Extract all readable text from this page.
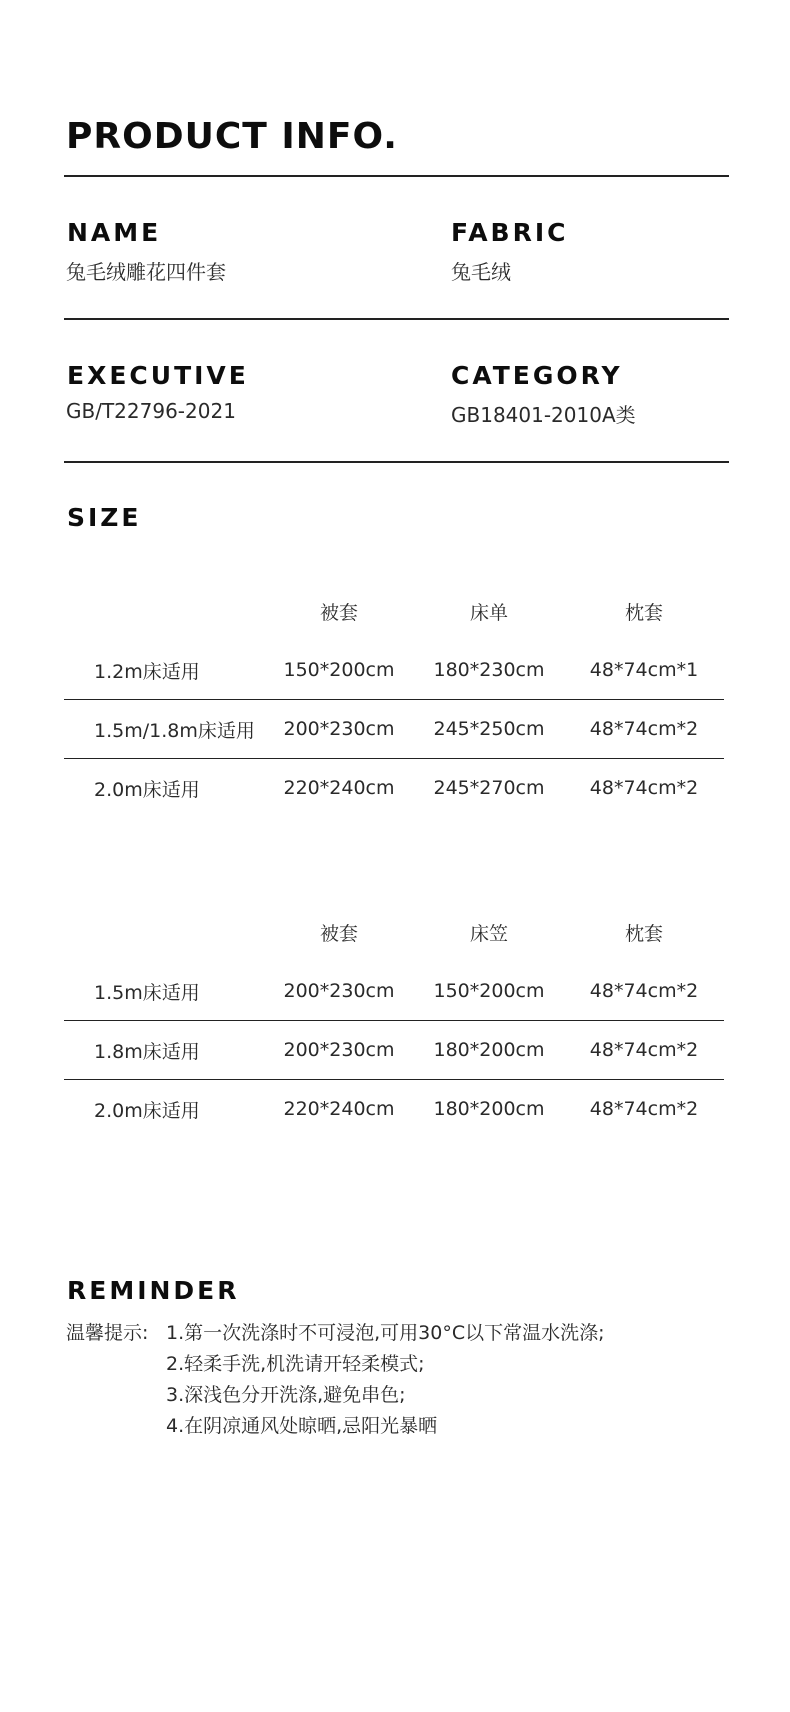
PRODUCT INFO.
NAME
兔毛绒雕花四件套
FABRIC
兔毛绒
EXECUTIVE
GB/T22796-2021
CATEGORY
GB18401-2010A类
SIZE
	被套	床单	枕套
1.2m床适用	150*200cm	180*230cm	48*74cm*1
1.5m/1.8m床适用	200*230cm	245*250cm	48*74cm*2
2.0m床适用	220*240cm	245*270cm	48*74cm*2
	被套	床笠	枕套
1.5m床适用	200*230cm	150*200cm	48*74cm*2
1.8m床适用	200*230cm	180*200cm	48*74cm*2
2.0m床适用	220*240cm	180*200cm	48*74cm*2
REMINDER
温馨提示: 1.第一次洗涤时不可浸泡,可用30°C以下常温水洗涤;
2.轻柔手洗,机洗请开轻柔模式;
3.深浅色分开洗涤,避免串色;
4.在阴凉通风处晾晒,忌阳光暴晒
